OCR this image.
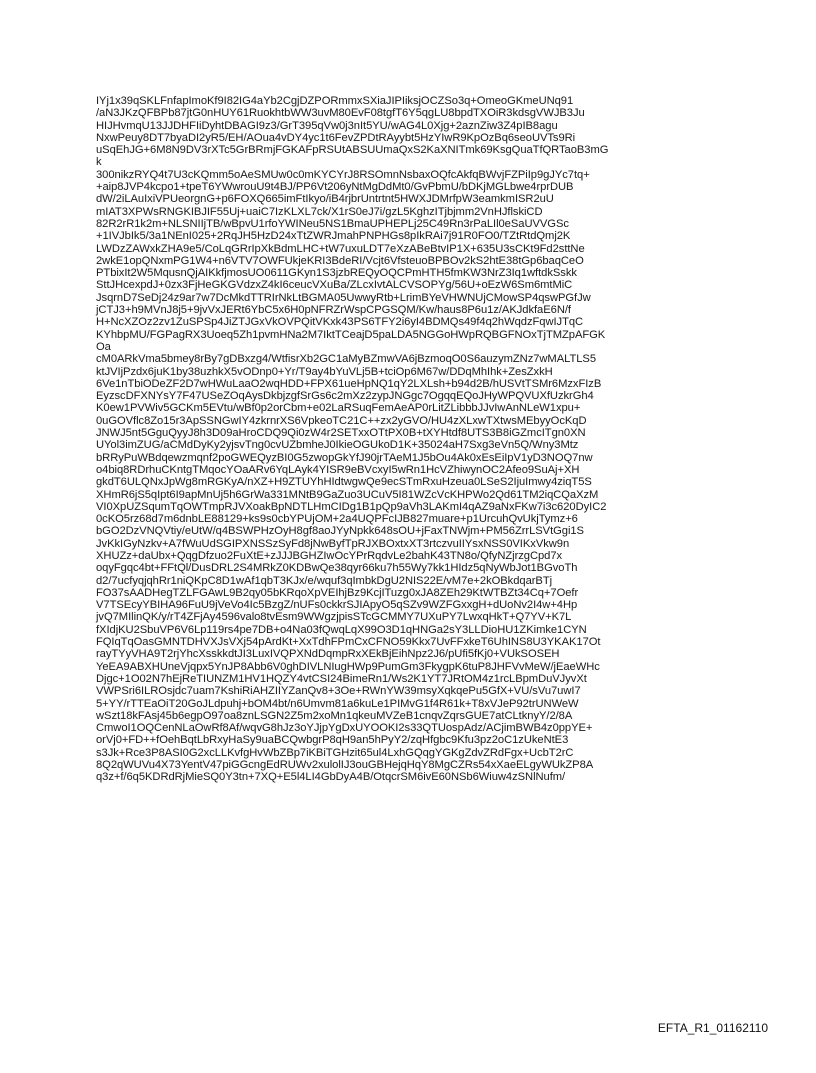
IYj1x39qSKLFnfapImoKf9I82IG4aYb2CgjDZPORmmxSXiaJIPIiksjOCZSo3q+OmeoGKmeUNq91
/aN3JKzQFBPb87jtG0nHUY61RuokhtbWW3uvM80EvF08tgfT6Y5qgLU8bpdTXOiR3kdsgVWJB3Ju
HIJHvmqU13JJDHFIiDyhtDBAGI9z3/GrT395qVw0j3nIt5YU/wAG4L0Xjg+2aznZiw3Z4pIB8agu
NxwPeuy8DT7byaDI2yR5/EH/AOua4vDY4yc1t6FevZPDtRAyybt5HzYIwR9KpOzBq6seoUVTs9Ri
uSqEhJG+6M8N9DV3rXTc5GrBRmjFGKAFpRSUtABSUUmaQxS2KaXNITmk69KsgQuaTfQRTaoB3mG
k
300nikzRYQ4t7U3cKQmm5oAeSMUw0c0mKYCYrJ8RSOmnNsbaxOQfcAkfqBWvjFZPiIp9gJYc7tq+
+aip8JVP4kcpo1+tpeT6YWwrouU9t4BJ/PP6Vt206yNtMgDdMt0/GvPbmU/bDKjMGLbwe4rprDUB
dW/2iLAuIxiVPUeorgnG+p6FOXQ665imFtIkyo/iB4rjbrUntrtnt5HWXJDMrfpW3eamkmISR2uU
mIAT3XPWsRNGKIBJIF55Uj+uaiC7IzKLXL7ck/X1rS0eJ7i/gzL5KghzITjbjmm2VnHJflskiCD
82R2rR1k2m+NLSNIIjTB/wBpvU1rfoYWINeu5NS1BmaUPHEPLj25C49Rn3rPaLIl0eSaUVVGSc
+1IVJbIk5/3a1NEnI025+2RqJH5HzD24xTtZWRJmahPNPHGs8pIkRAi7j91R0FO0/TZtRtdQmj2K
LWDzZAWxkZHA9e5/CoLqGRrIpXkBdmLHC+tW7uxuLDT7eXzABeBtvIP1X+635U3sCKt9Fd2sttNe
2wkE1opQNxmPG1W4+n6VTV7OWFUkjeKRI3BdeRI/Vcjt6VfsteuoBPBOv2kS2htE38tGp6baqCeO
PTbixIt2W5MqusnQjAIKkfjmosUO0611GKyn1S3jzbREQyOQCPmHTH5fmKW3NrZ3Iq1wftdkSskk
SttJHcexpdJ+0zx3FjHeGKGVdzxZ4kI6ceucVXuBa/ZLcxIvtALCVSOPYg/56U+oEzW6Sm6mtMiC
JsqrnD7SeDj24z9ar7w7DcMkdTTRIrNkLtBGMA05UwwyRtb+LrimBYeVHWNUjCMowSP4qswPGfJw
jCTJ3+h9MVnJ8j5+9jvVxJERt6YbC5x6H0pNFRZrWspCPGSQM/Kw/haus8P6u1z/AKJdkfaE6N/f
H+NcXZOz2zv1ZuSPSp4JiZTJGxVkOVPQitVKxk43PS6TFY2i6yI4BDMQs49f4q2hWqdzFqwIJTqC
KYhbpMU/FGPagRX3Uoeq5Zh1pvmHNa2M7IktTCeajD5paLDA5NGGoHWpRQBGFNOxTjTMZpAFGK
Oa
cM0ARkVma5bmey8rBy7gDBxzg4/WtfisrXb2GC1aMyBZmwVA6jBzmoqO0S6auzymZNz7wMALTLS5
ktJVIjPzdx6juK1by38uzhkX5vODnp0+Yr/T9ay4bYuVLj5B+tciOp6M67w/DDqMhIhk+ZesZxkH
6Ve1nTbiODeZF2D7wHWuLaaO2wqHDD+FPX61ueHpNQ1qY2LXLsh+b94d2B/hUSVtTSMr6MzxFIzB
EyzscDFXNYsY7F47USeZOqAysDkbjzgfSrGs6c2mXz2zypJNGgc7OgqqEQoJHyWPQVUXfUzkrGh4
K0ew1PVWiv5GCKm5EVtu/wBf0p2orCbm+e02LaRSuqFemAeAP0rLitZLibbbJJvIwAnNLeW1xpu+
0uGOVflc8Zo15r3ApSSNGwIY4zkrnrXS6VpkeoTC21C++zx2yGVO/HU4zXLxwTXtwsMEbyyOcKqD
JNWJ5nt5GguQyyJ8h3D09aHroCDQ9Qi0zW4r2SETxxOTtPX0B+tXYHtdf8UTS3B8iGZmcITgn0XN
UYol3imZUG/aCMdDyKy2yjsvTng0cvUZbmheJ0IkieOGUkoD1K+35024aH7Sxg3eVn5Q/Wny3Mtz
bRRyPuWBdqewzmqnf2poGWEQyzBI0G5zwopGkYfJ90jrTAeM1J5bOu4Ak0xEsEiIpV1yD3NOQ7nw
o4biq8RDrhuCKntgTMqocYOaARv6YqLAyk4YISR9eBVcxyI5wRn1HcVZhiwynOC2Afeo9SuAj+XH
gkdT6ULQNxJpWg8mRGKyA/nXZ+H9ZTUYhHIdtwgwQe9ecSTmRxuHzeua0LSeS2IjuImwy4ziqT5S
XHmR6jS5qIpt6I9apMnUj5h6GrWa331MNtB9GaZuo3UCuV5I81WZcVcKHPWo2Qd61TM2iqCQaXzM
VI0XpUZSqumTqOWTmpRJVXoakBpNDTLHmCIDg1B1pQp9aVh3LAKmI4qAZ9aNxFKw7i3c620DyIC2
0cKO5rz68d7m6dnbLE88129+ks9s0cbYPUjOM+2a4UQPFcIJB827muare+p1UrcuhQvUkjTymz+6
bGO2DzVNQVtiy/eUtW/q4BSWPHzOyH8gf8aoJYyNpkk648sOU+jFaxTNWjm+PM56ZrrLSVtGgi1S
JvKkIGyNzkv+A7fWuUdSGIPXNSSzSyFd8jNwByfTpRJXBOxtxXT3rtczvuIIYsxNSS0VIKxVkw9n
XHUZz+daUbx+QqgDfzuo2FuXtE+zJJJBGHZIwOcYPrRqdvLe2bahK43TN8o/QfyNZjrzgCpd7x
oqyFgqc4bt+FFtQl/DusDRL2S4MRkZ0KDBwQe38qyr66ku7h55Wy7kk1HIdz5qNyWbJot1BGvoTh
d2/7ucfyqjqhRr1niQKpC8D1wAf1qbT3KJx/e/wquf3qImbkDgU2NIS22E/vM7e+2kOBkdqarBTj
FO37sAADHegTZLFGAwL9B2qy05bKRqoXpVEIhjBz9KcjITuzg0xJA8ZEh29KtWTBZt34Cq+7Oefr
V7TSEcyYBIHA96FuU9jVeVo4Ic5BzgZ/nUFs0ckkrSJIApyO5qSZv9WZFGxxgH+dUoNv2I4w+4Hp
jvQ7MIlinQK/y/rT4ZFjAy4596valo8tvEsm9WWgzjpisSTcGCMMY7UXuPY7LwxqHkT+Q7YV+K7L
fXIdjKU2SbuVP6V6Lp119rs4pe7DB+o4Na03fQwqLqX99O3D1qHNGa2sY3LLDioHU1ZKimke1CYN
FQIqTqOasGMNTDHVXJsVXj54pArdKt+XxTdhFPmCxCFNO59Kkx7UvFFxkeT6UhINS8U3YKAK17Ot
rayTYyVHA9T2rjYhcXsskkdtJI3LuxIVQPXNdDqmpRxXEkBjEihNpz2J6/pUfi5fKj0+VUkSOSEH
YeEA9ABXHUneVjqpx5YnJP8Abb6V0ghDIVLNIugHWp9PumGm3FkygpK6tuP8JHFVvMeW/jEaeWHc
Djgc+1O02N7hEjReTIUNZM1HV1HQZY4vtCSI24BimeRn1/Ws2K1YT7JRtOM4z1rcLBpmDuVJyvXt
VWPSri6ILROsjdc7uam7KshiRiAHZIIYZanQv8+3Oe+RWnYW39msyXqkqePu5GfX+VU/sVu7uwI7
5+YY/rTTEaOiT20GoJLdpuhj+bOM4bt/n6Umvm81a6kuLe1PIMvG1f4R61k+T8xVJeP92trUNWeW
wSzt18kFAsj45b6egpO97oa8znLSGN2Z5m2xoMn1qkeuMVZeB1cnqvZqrsGUE7atCLtknyY/2/8A
CmwoI1OQCenNLaOwRf8Af/wqvG8hJz3oYJjpYgDxUYOOKI2s33QTUospAdz/ACjimBWB4z0ppYE+
orVj0+FD++fOehBqtLbRxyHaSy9uaBCQwbgrP8qH9an5hPyY2/zqHfgbc9Kfu3pz2oC1zUkeNtE3
s3Jk+Rce3P8ASI0G2xcLLKvfgHvWbZBp7iKBiTGHzit65ul4LxhGQqgYGKgZdvZRdFgx+UcbT2rC
8Q2qWUVu4X73YentV47piGGcngEdRUWv2xulolIJ3ouGBHejqHqY8MgCZRs54xXaeELgyWUkZP8A
q3z+f/6q5KDRdRjMieSQ0Y3tn+7XQ+E5l4LI4GbDyA4B/OtqcrSM6ivE60NSb6Wiuw4zSNlNufm/
EFTA_R1_01162110
